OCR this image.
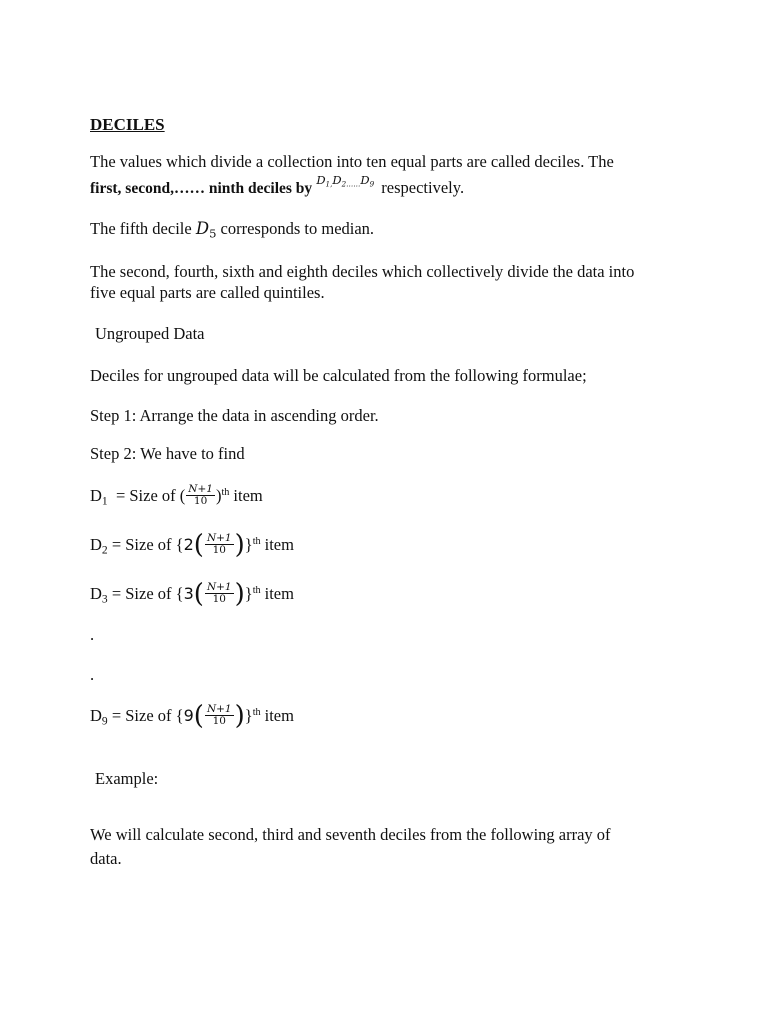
DECILES
The values which divide a collection into ten equal parts are called deciles. The
first, second,…… ninth deciles by $D_{1,}D_{2\dots\dots}D_9$ respectively.
The fifth decile $D_5$ corresponds to median.
The second, fourth, sixth and eighth deciles which collectively divide the data into
five equal parts are called quintiles.
Ungrouped Data
Deciles for ungrouped data will be calculated from the following formulae;
Step 1: Arrange the data in ascending order.
Step 2: We have to find
$D_1$ = Size of ( $\frac{N+1}{10} )^{th}$ item
$D_2$ = Size of $\{2( \frac{N+1}{10} )\}^{th}$ item
$D_3$ = Size of $\{3( \frac{N+1}{10} )\}^{th}$ item
.
.
$D_9$ = Size of $\{9( \frac{N+1}{10} )\}^{th}$ item
Example:
We will calculate second, third and seventh deciles from the following array of
data.
